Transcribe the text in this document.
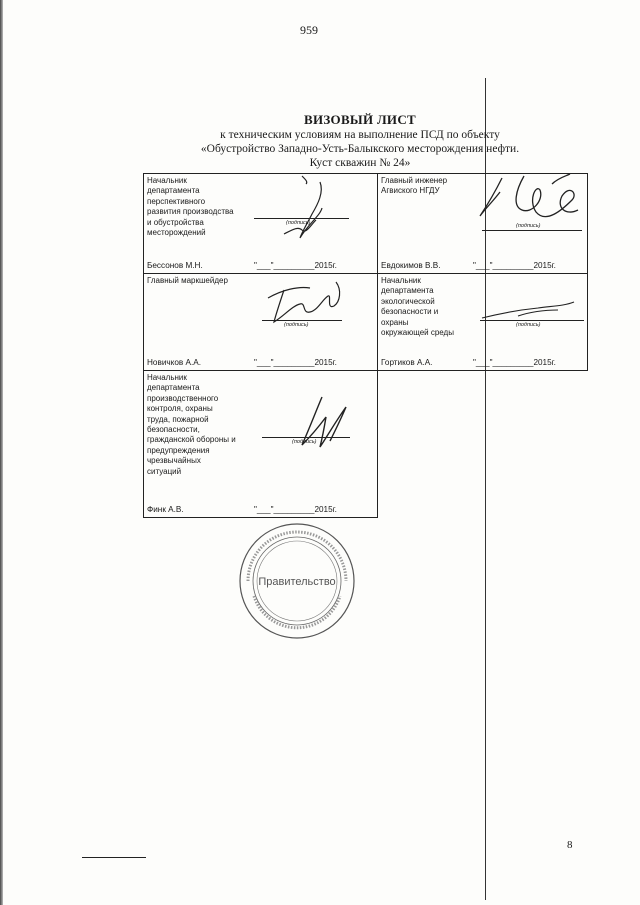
959
ВИЗОВЫЙ ЛИСТ
к техническим условиям на выполнение ПСД по объекту
«Обустройство Западно-Усть-Балыкского месторождения нефти.
Куст скважин № 24»
Начальник
департамента
перспективного
развития производства
и обустройства
месторождений
(подпись)
Бессонов М.Н.	"___"_________2015г.
Главный инженер
Агвиского НГДУ
(подпись)
Евдокимов В.В.	"___"_________2015г.
Главный маркшейдер
(подпись)
Новичков А.А.	"___"_________2015г.
Начальник
департамента
экологической
безопасности и
охраны
окружающей среды
(подпись)
Гортиков А.А.	"___"_________2015г.
Начальник
департамента
производственного
контроля, охраны
труда, пожарной
безопасности,
гражданской обороны и
предупреждения
чрезвычайных
ситуаций
(подпись)
Финк А.В.	"___"_________2015г.
Правительство
8
